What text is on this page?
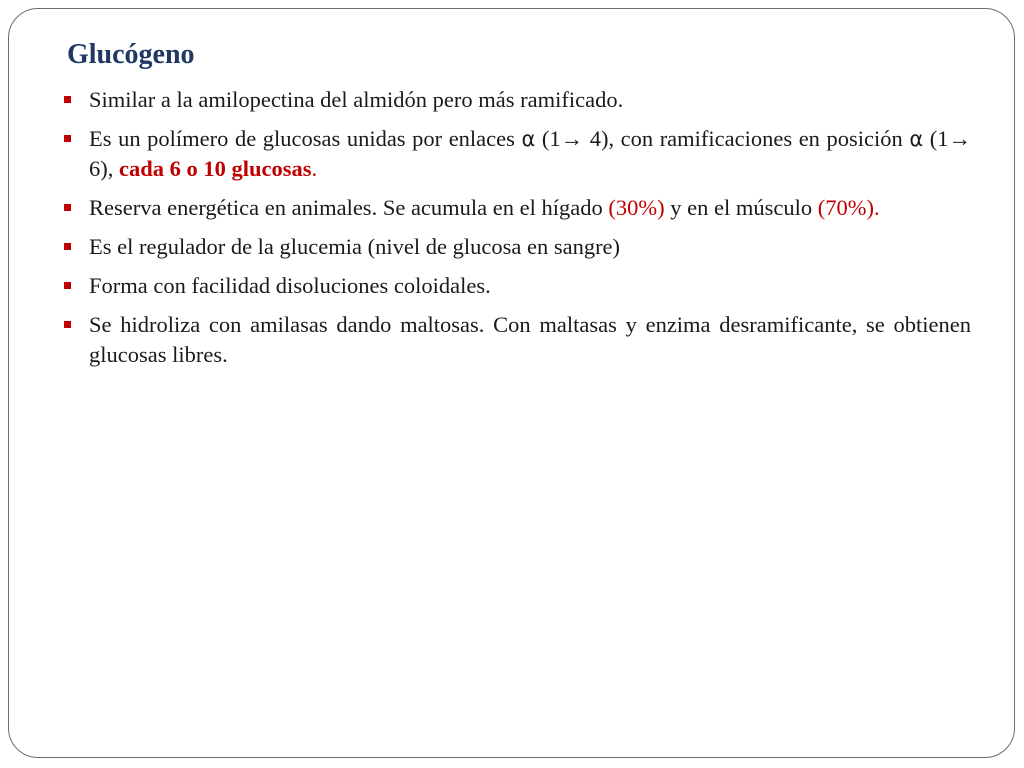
Glucógeno
Similar a la amilopectina del almidón pero más ramificado.
Es un polímero de glucosas unidas por enlaces α (1→ 4), con ramificaciones en posición α (1→ 6), cada 6 o 10 glucosas.
Reserva energética en animales. Se acumula en el hígado (30%) y en el músculo (70%).
Es el regulador de la glucemia (nivel de glucosa en sangre)
Forma con facilidad disoluciones coloidales.
Se hidroliza con amilasas dando maltosas. Con maltasas y enzima desramificante, se obtienen glucosas libres.
